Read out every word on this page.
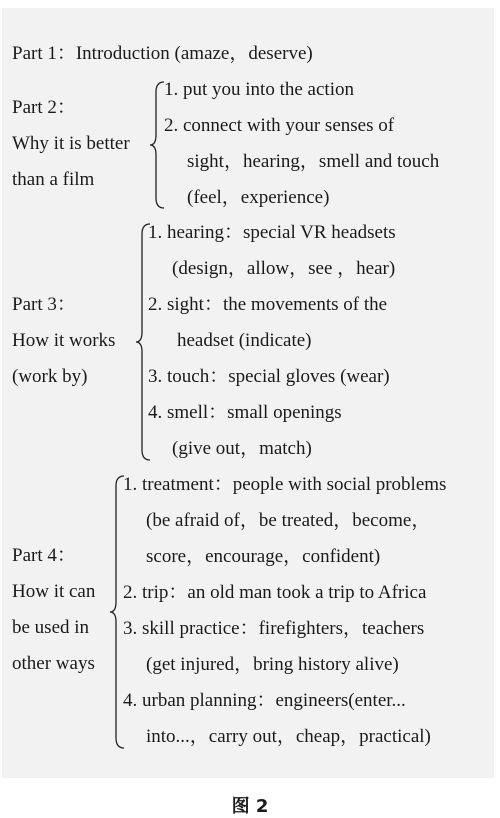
Part 1：Introduction (amaze，deserve)
Part 2：
Why it is better
than a film
1. put you into the action
2. connect with your senses of
sight，hearing，smell and touch
(feel，experience)
Part 3：
How it works
(work by)
1. hearing：special VR headsets
(design，allow，see ，hear)
2. sight：the movements of the
headset (indicate)
3. touch：special gloves (wear)
4. smell：small openings
(give out，match)
Part 4：
How it can
be used in
other ways
1. treatment：people with social problems
(be afraid of，be treated，become，
score，encourage，confident)
2. trip：an old man took a trip to Africa
3. skill practice：firefighters，teachers
(get injured，bring history alive)
4. urban planning：engineers(enter...
into...，carry out，cheap，practical)
图 2
